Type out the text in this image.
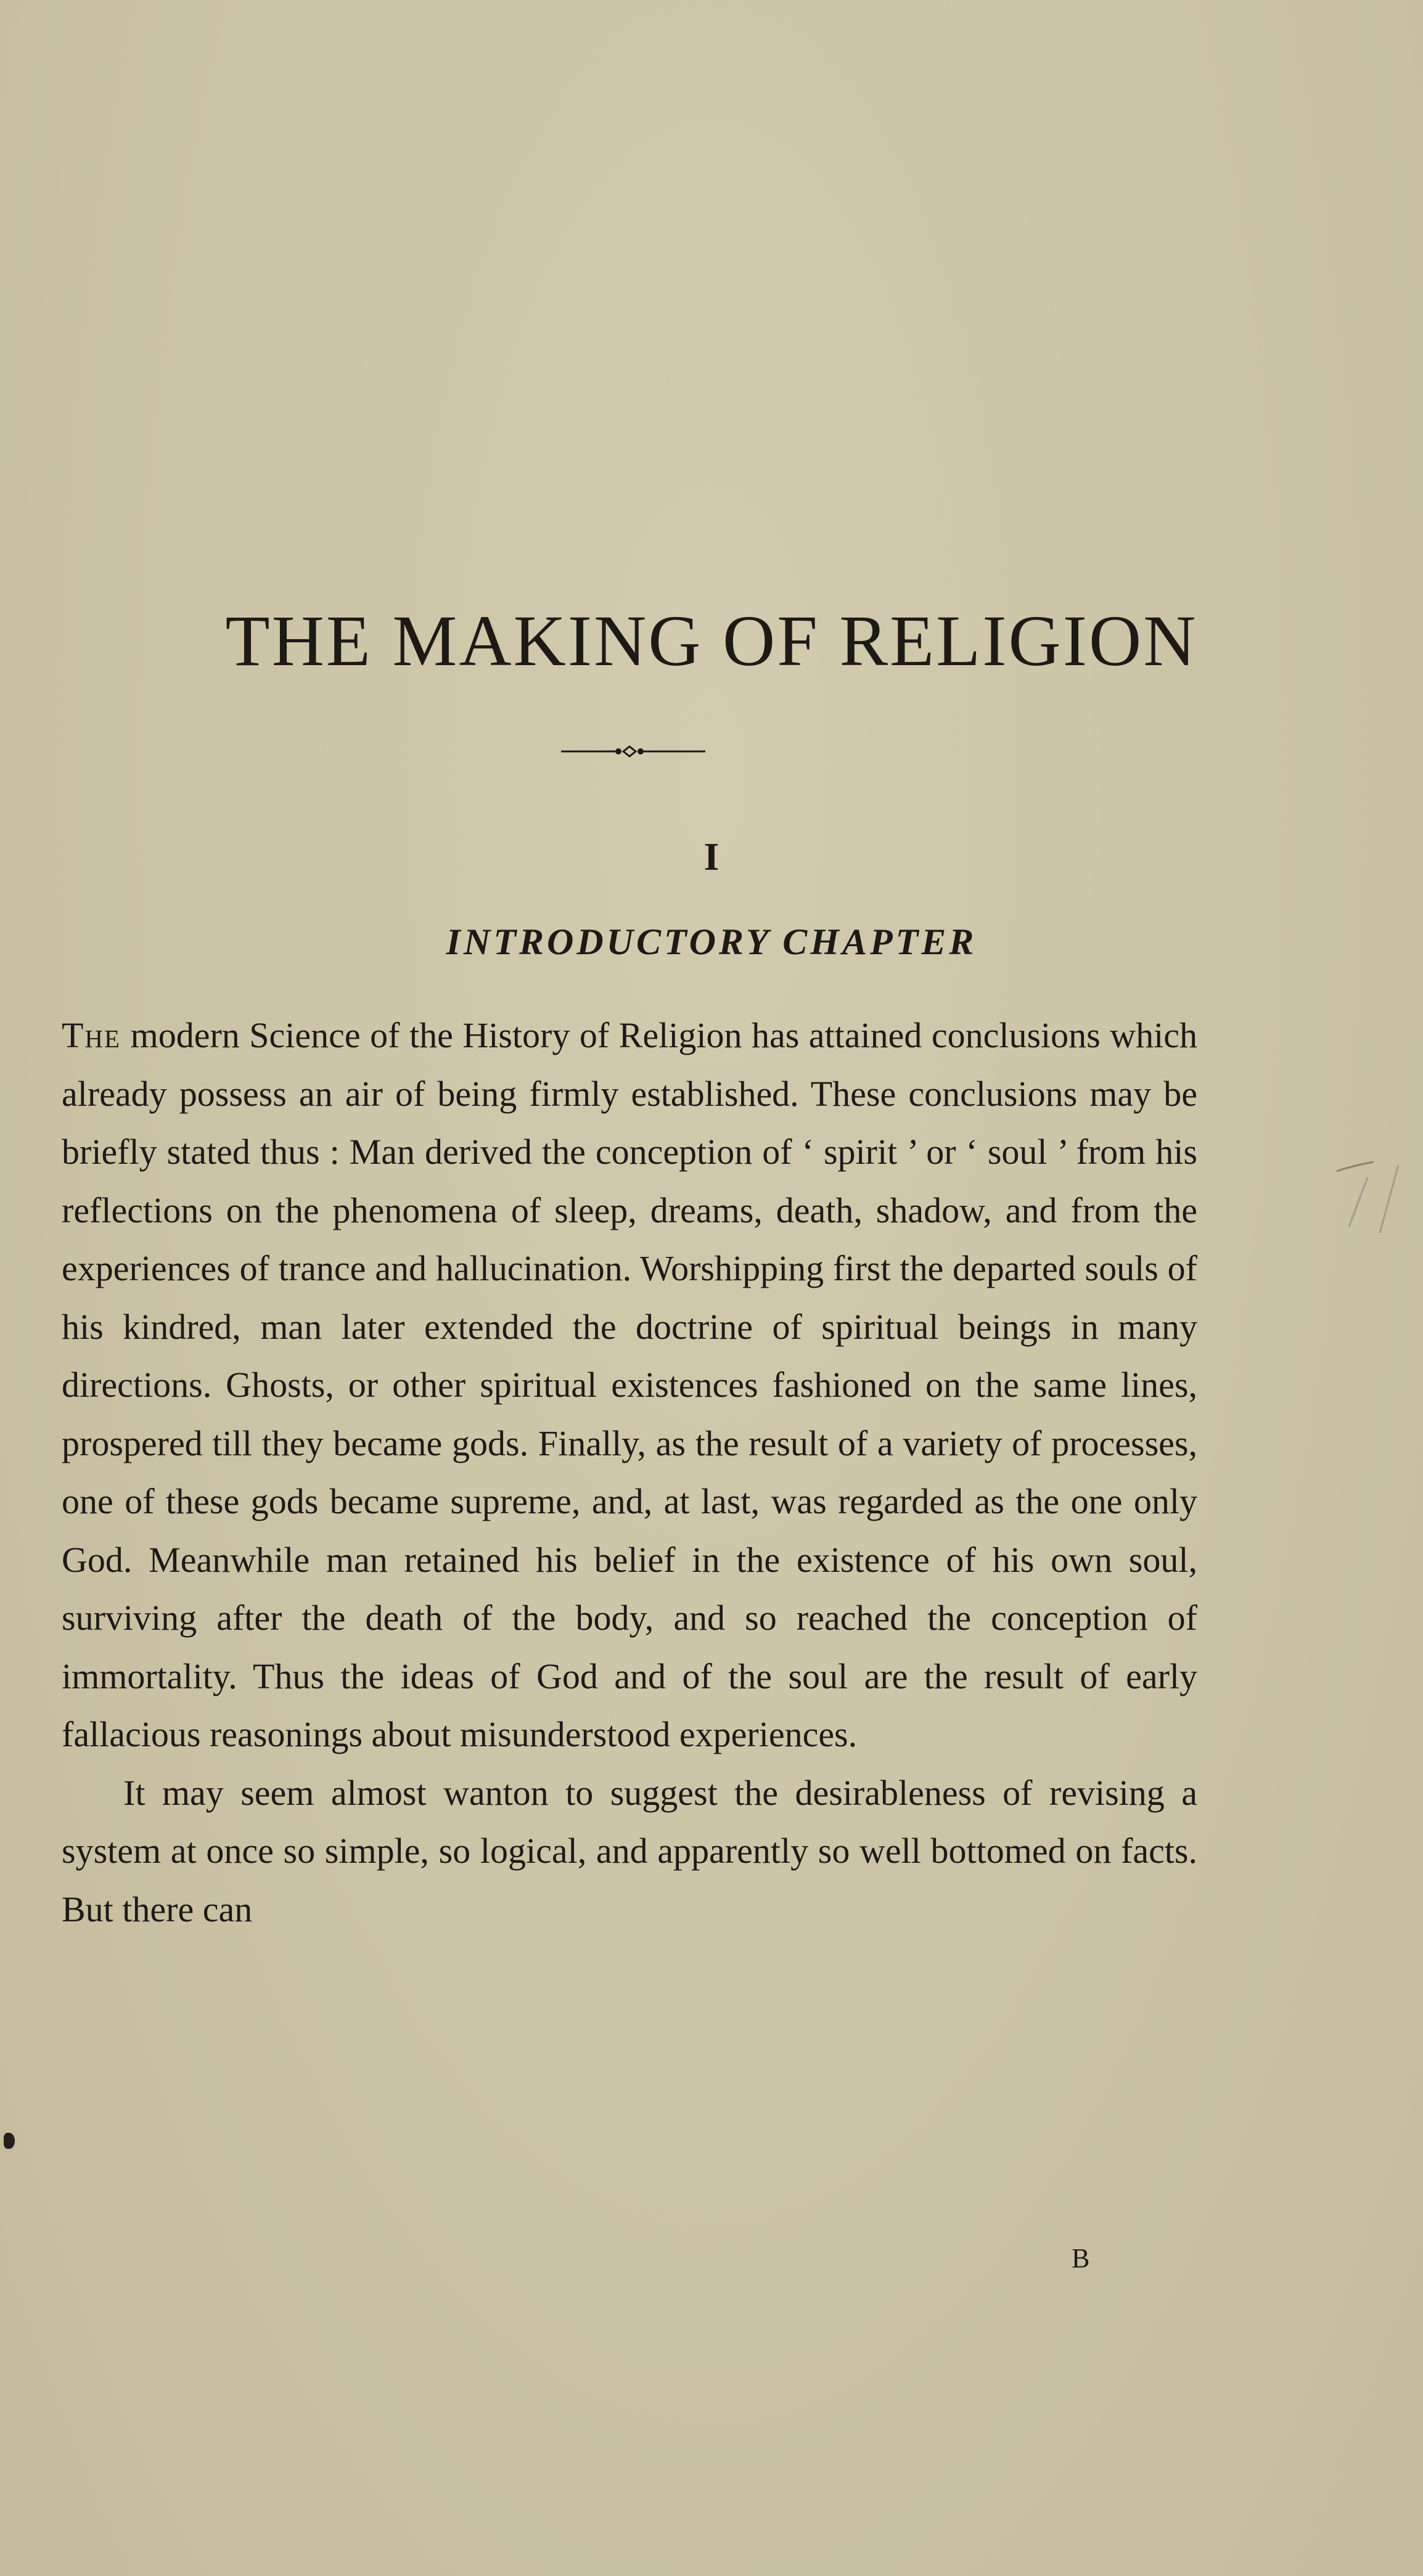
THE MAKING OF RELIGION
I
INTRODUCTORY CHAPTER

The modern Science of the History of Religion has attained conclusions which already possess an air of being firmly established. These conclusions may be briefly stated thus : Man derived the conception of ‘ spirit ’ or ‘ soul ’ from his reflections on the phenomena of sleep, dreams, death, shadow, and from the experiences of trance and hallucination. Worshipping first the departed souls of his kindred, man later extended the doctrine of spiritual beings in many directions. Ghosts, or other spiritual existences fashioned on the same lines, prospered till they became gods. Finally, as the result of a variety of processes, one of these gods became supreme, and, at last, was regarded as the one only God. Meanwhile man retained his belief in the existence of his own soul, surviving after the death of the body, and so reached the conception of immortality. Thus the ideas of God and of the soul are the result of early fallacious reasonings about misunderstood experiences.

It may seem almost wanton to suggest the desirableness of revising a system at once so simple, so logical, and apparently so well bottomed on facts. But there can

B
